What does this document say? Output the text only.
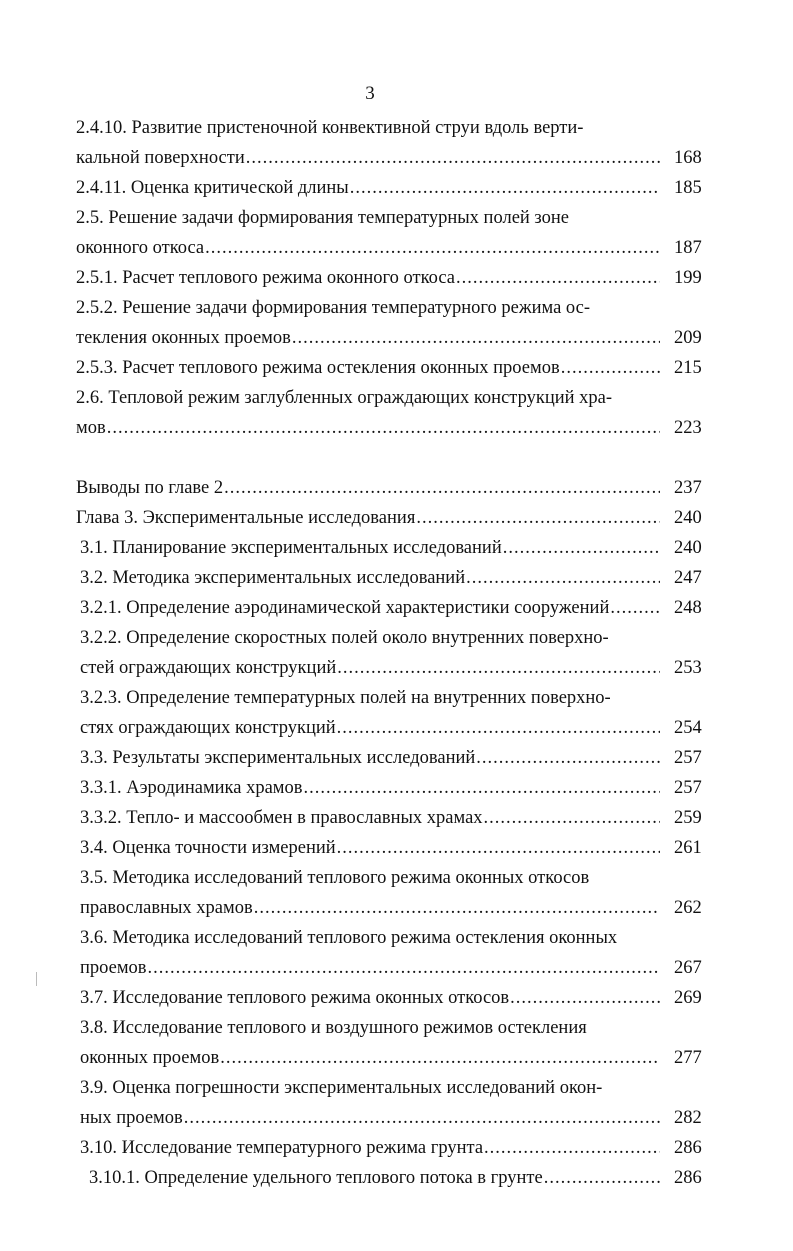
3
2.4.10. Развитие пристеночной конвективной струи вдоль верти-
кальной поверхности .....	168
2.4.11. Оценка критической длины .....	185
2.5. Решение задачи формирования температурных полей зоне
оконного откоса .....	187
2.5.1. Расчет теплового режима оконного откоса .....	199
2.5.2. Решение задачи формирования температурного режима ос-
текления оконных проемов .....	209
2.5.3. Расчет теплового режима остекления оконных проемов .....	215
2.6. Тепловой режим заглубленных ограждающих конструкций хра-
мов .....	223
Выводы по главе 2 .....	237
Глава 3. Экспериментальные исследования .....	240
3.1. Планирование экспериментальных исследований .....	240
3.2. Методика экспериментальных исследований .....	247
3.2.1. Определение аэродинамической характеристики сооружений .....	248
3.2.2. Определение скоростных полей около внутренних поверхно-
стей ограждающих конструкций .....	253
3.2.3. Определение температурных полей на внутренних поверхно-
стях ограждающих конструкций .....	254
3.3. Результаты экспериментальных исследований .....	257
3.3.1. Аэродинамика храмов .....	257
3.3.2. Тепло- и массообмен в православных храмах .....	259
3.4. Оценка точности измерений .....	261
3.5. Методика исследований теплового режима оконных откосов
православных храмов .....	262
3.6. Методика исследований теплового режима остекления оконных
проемов .....	267
3.7. Исследование теплового режима оконных откосов .....	269
3.8. Исследование теплового и воздушного режимов остекления
оконных проемов .....	277
3.9. Оценка погрешности экспериментальных исследований окон-
ных проемов .....	282
3.10. Исследование температурного режима грунта .....	286
3.10.1. Определение удельного теплового потока в грунте .....	286
